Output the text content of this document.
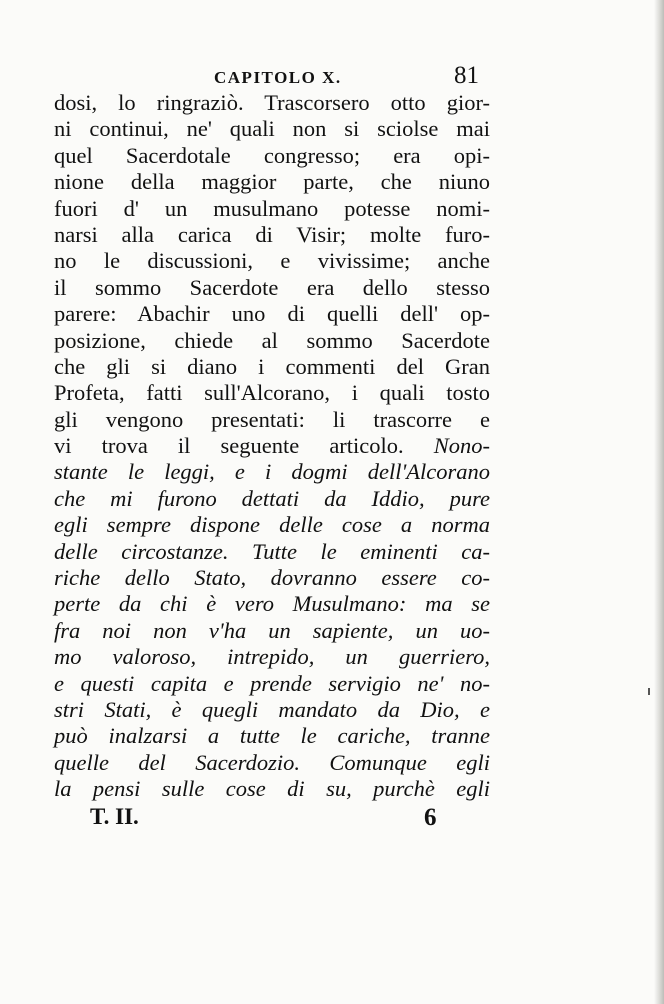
CAPITOLO X.	81
dosi, lo ringraziò. Trascorsero otto gior-
ni continui, ne' quali non si sciolse mai
quel Sacerdotale congresso; era opi-
nione della maggior parte, che niuno
fuori d' un musulmano potesse nomi-
narsi alla carica di Visir; molte furo-
no le discussioni, e vivissime; anche
il sommo Sacerdote era dello stesso
parere: Abachir uno di quelli dell' op-
posizione, chiede al sommo Sacerdote
che gli si diano i commenti del Gran
Profeta, fatti sull'Alcorano, i quali tosto
gli vengono presentati: li trascorre e
vi trova il seguente articolo. Nono-
stante le leggi, e i dogmi dell'Alcorano
che mi furono dettati da Iddio, pure
egli sempre dispone delle cose a norma
delle circostanze. Tutte le eminenti ca-
riche dello Stato, dovranno essere co-
perte da chi è vero Musulmano: ma se
fra noi non v'ha un sapiente, un uo-
mo valoroso, intrepido, un guerriero,
e questi capita e prende servigio ne' no-
stri Stati, è quegli mandato da Dio, e
può inalzarsi a tutte le cariche, tranne
quelle del Sacerdozio. Comunque egli
la pensi sulle cose di su, purchè egli
T. II.	6
